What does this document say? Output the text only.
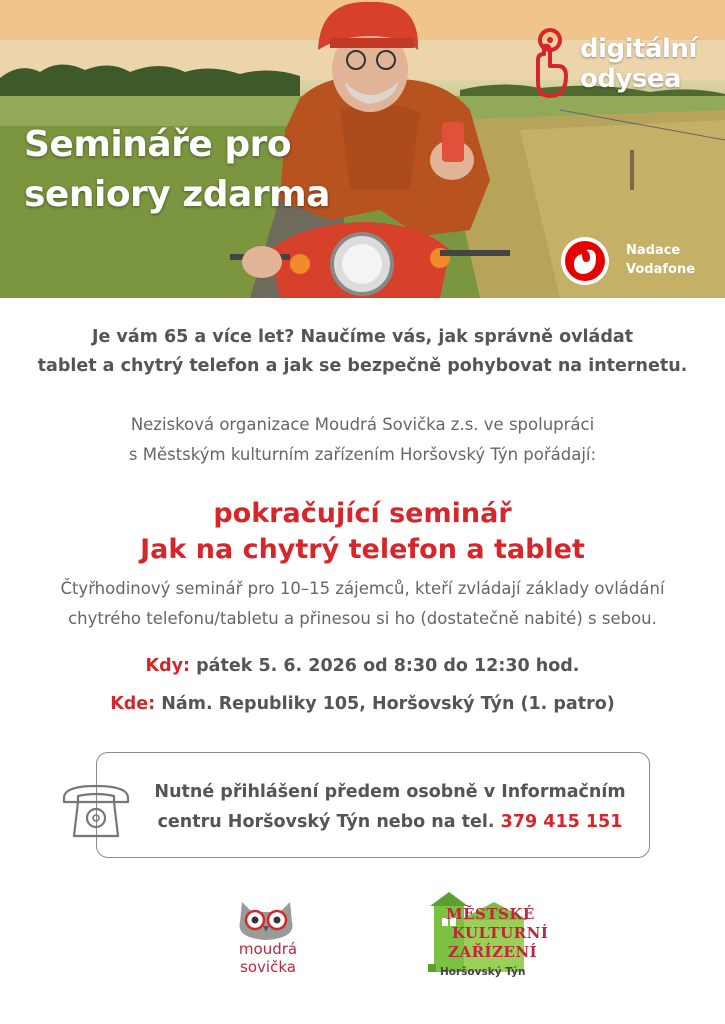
Semináře pro
seniory zdarma
digitální
odysea
Nadace
Vodafone
Je vám 65 a více let? Naučíme vás, jak správně ovládat
tablet a chytrý telefon a jak se bezpečně pohybovat na internetu.
Nezisková organizace Moudrá Sovička z.s. ve spolupráci
s Městským kulturním zařízením Horšovský Týn pořádají:
pokračující seminář
Jak na chytrý telefon a tablet
Čtyřhodinový seminář pro 10–15 zájemců, kteří zvládají základy ovládání
chytrého telefonu/tabletu a přinesou si ho (dostatečně nabité) s sebou.
Kdy: pátek 5. 6. 2026 od 8:30 do 12:30 hod.
Kde: Nám. Republiky 105, Horšovský Týn (1. patro)
Nutné přihlášení předem osobně v Informačním
centru Horšovský Týn nebo na tel. 379 415 151
moudrá
sovička
MĚSTSKÉ
KULTURNÍ
ZAŘÍZENÍ
Horšovský Týn
